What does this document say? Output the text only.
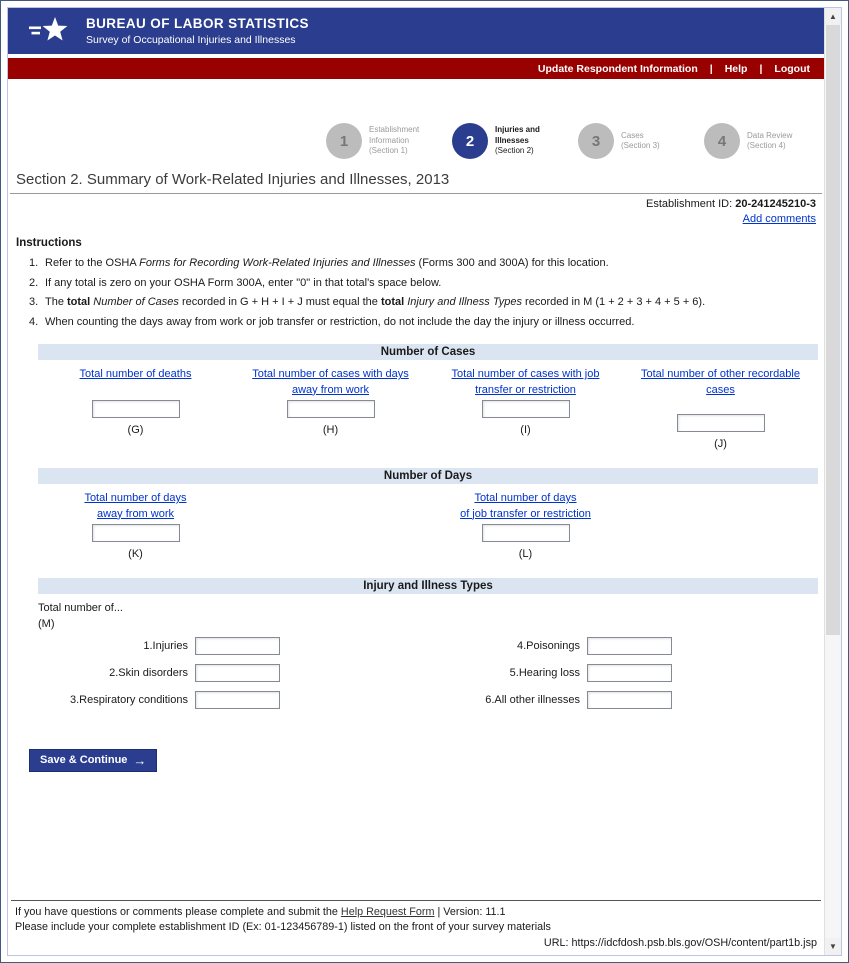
BUREAU OF LABOR STATISTICS
Survey of Occupational Injuries and Illnesses
Update Respondent Information | Help | Logout
1
Establishment
Information
(Section 1)
2
Injuries and
Illnesses
(Section 2)
3	Cases
(Section 3)	4	Data Review
(Section 4)
Section 2. Summary of Work-Related Injuries and Illnesses, 2013
Establishment ID: 20-241245210-3
Add comments
Instructions
1. Refer to the OSHA Forms for Recording Work-Related Injuries and Illnesses (Forms 300 and 300A) for this location.
2. If any total is zero on your OSHA Form 300A, enter "0" in that total's space below.
3. The total Number of Cases recorded in G + H + I + J must equal the total Injury and Illness Types recorded in M (1 + 2 + 3 + 4 + 5 + 6).
4. When counting the days away from work or job transfer or restriction, do not include the day the injury or illness occurred.
Number of Cases
Total number of deaths
(G)
Total number of cases with days
away from work
(H)
Total number of cases with job
transfer or restriction
(I)
Total number of other recordable
cases
(J)
Number of Days
Total number of days
away from work
(K)
Total number of days
of job transfer or restriction
(L)
Injury and Illness Types
Total number of...
(M)
1.Injuries	4.Poisonings
2.Skin disorders	5.Hearing loss
3.Respiratory conditions	6.All other illnesses
Save & Continue →
If you have questions or comments please complete and submit the Help Request Form | Version: 11.1
Please include your complete establishment ID (Ex: 01-123456789-1) listed on the front of your survey materials
URL: https://idcfdosh.psb.bls.gov/OSH/content/part1b.jsp
▲
▼
